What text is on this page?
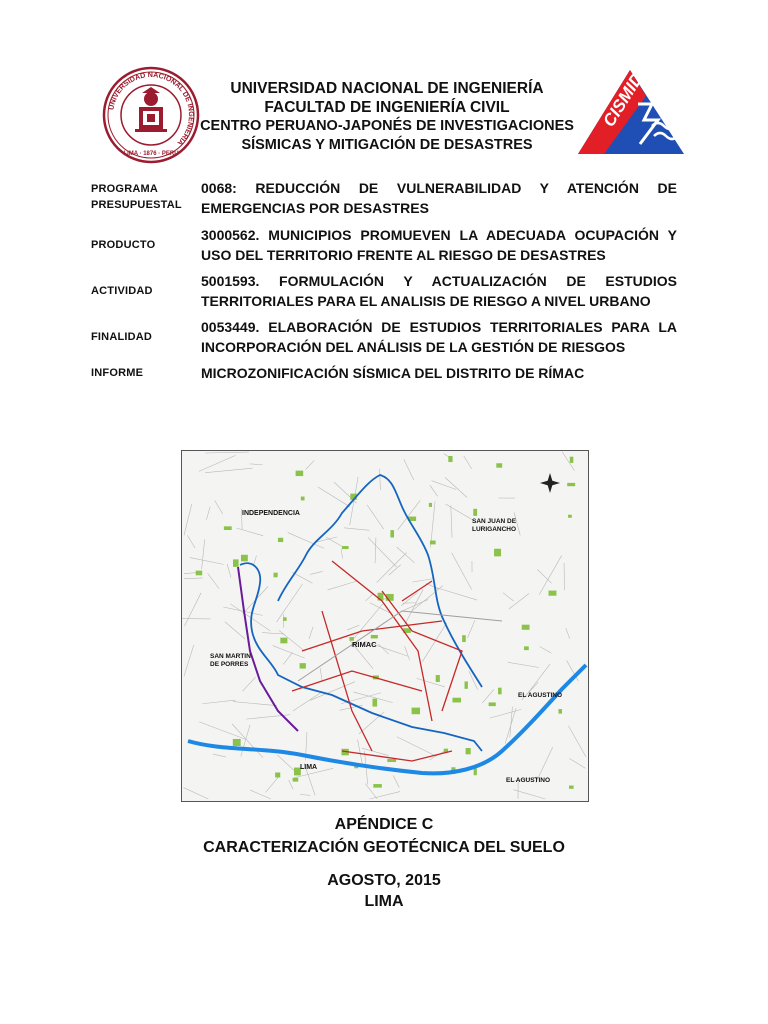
UNIVERSIDAD NACIONAL DE INGENIERIA
LIMA · 1876 · PERU
UNIVERSIDAD NACIONAL DE INGENIERÍA
FACULTAD DE INGENIERÍA CIVIL
CENTRO PERUANO-JAPONÉS DE INVESTIGACIONES
SÍSMICAS Y MITIGACIÓN DE DESASTRES
CISMID
PROGRAMA
PRESUPUESTAL
0068: REDUCCIÓN DE VULNERABILIDAD Y ATENCIÓN DE EMERGENCIAS POR DESASTRES
PRODUCTO
3000562. MUNICIPIOS PROMUEVEN LA ADECUADA OCUPACIÓN Y USO DEL TERRITORIO FRENTE AL RIESGO DE DESASTRES
ACTIVIDAD
5001593. FORMULACIÓN Y ACTUALIZACIÓN DE ESTUDIOS TERRITORIALES PARA EL ANALISIS DE RIESGO A NIVEL URBANO
FINALIDAD
0053449. ELABORACIÓN DE ESTUDIOS TERRITORIALES PARA LA INCORPORACIÓN DEL ANÁLISIS DE LA GESTIÓN DE RIESGOS
INFORME	MICROZONIFICACIÓN SÍSMICA DEL DISTRITO DE RÍMAC
INDEPENDENCIA
SAN JUAN DE
LURIGANCHO
RIMAC
SAN MARTIN
DE PORRES
EL AGUSTINO
EL AGUSTINO
LIMA
APÉNDICE C
CARACTERIZACIÓN GEOTÉCNICA DEL SUELO
AGOSTO, 2015
LIMA
